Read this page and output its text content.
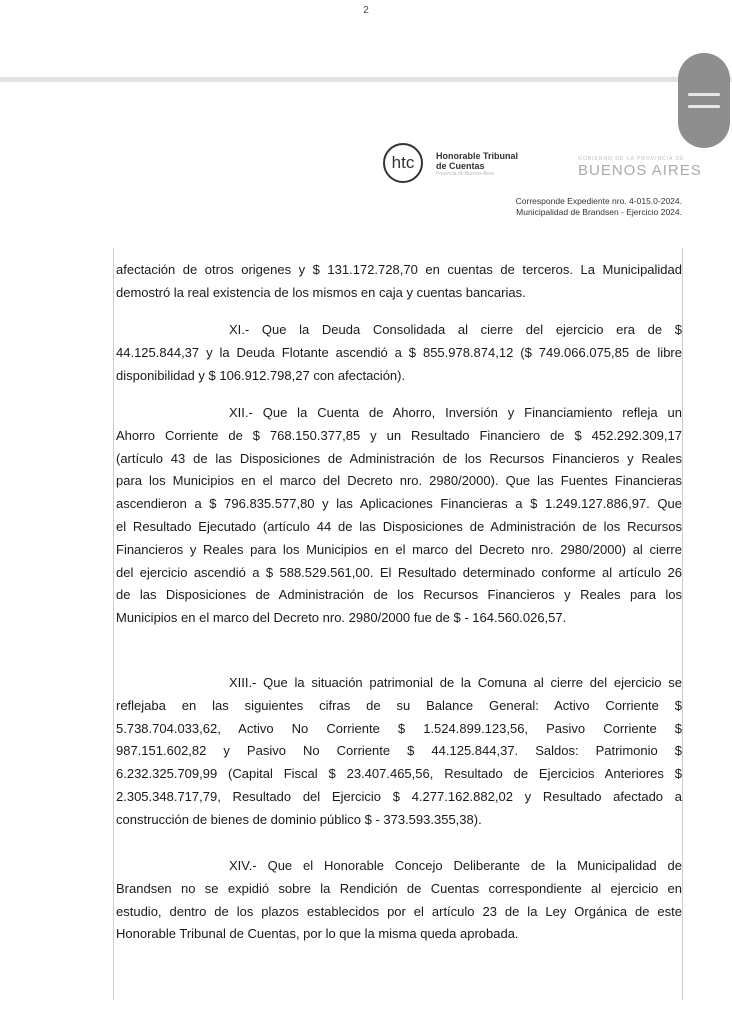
2
htc	Honorable Tribunal
de Cuentas
Provincia de Buenos Aires
GOBIERNO DE LA PROVINCIA DE
BUENOS AIRES
Corresponde Expediente nro. 4-015.0-2024.
Municipalidad de Brandsen - Ejercicio 2024.
afectación de otros origenes y $ 131.172.728,70 en cuentas de terceros. La Municipalidad
demostró la real existencia de los mismos en caja y cuentas bancarias.
XI.- Que la Deuda Consolidada al cierre del ejercicio era de $
44.125.844,37 y la Deuda Flotante ascendió a $ 855.978.874,12 ($ 749.066.075,85 de libre
disponibilidad y $ 106.912.798,27 con afectación).
XII.- Que la Cuenta de Ahorro, Inversión y Financiamiento refleja un
Ahorro Corriente de $ 768.150.377,85 y un Resultado Financiero de $ 452.292.309,17
(artículo 43 de las Disposiciones de Administración de los Recursos Financieros y Reales
para los Municipios en el marco del Decreto nro. 2980/2000). Que las Fuentes Financieras
ascendieron a $ 796.835.577,80 y las Aplicaciones Financieras a $ 1.249.127.886,97. Que
el Resultado Ejecutado (artículo 44 de las Disposiciones de Administración de los Recursos
Financieros y Reales para los Municipios en el marco del Decreto nro. 2980/2000) al cierre
del ejercicio ascendió a $ 588.529.561,00. El Resultado determinado conforme al artículo 26
de las Disposiciones de Administración de los Recursos Financieros y Reales para los
Municipios en el marco del Decreto nro. 2980/2000 fue de $ - 164.560.026,57.
XIII.- Que la situación patrimonial de la Comuna al cierre del ejercicio se
reflejaba en las siguientes cifras de su Balance General: Activo Corriente $
5.738.704.033,62, Activo No Corriente $ 1.524.899.123,56, Pasivo Corriente $
987.151.602,82 y Pasivo No Corriente $ 44.125.844,37. Saldos: Patrimonio $
6.232.325.709,99 (Capital Fiscal $ 23.407.465,56, Resultado de Ejercicios Anteriores $
2.305.348.717,79, Resultado del Ejercicio $ 4.277.162.882,02 y Resultado afectado a
construcción de bienes de dominio público $ - 373.593.355,38).
XIV.- Que el Honorable Concejo Deliberante de la Municipalidad de
Brandsen no se expidió sobre la Rendición de Cuentas correspondiente al ejercicio en
estudio, dentro de los plazos establecidos por el artículo 23 de la Ley Orgánica de este
Honorable Tribunal de Cuentas, por lo que la misma queda aprobada.
